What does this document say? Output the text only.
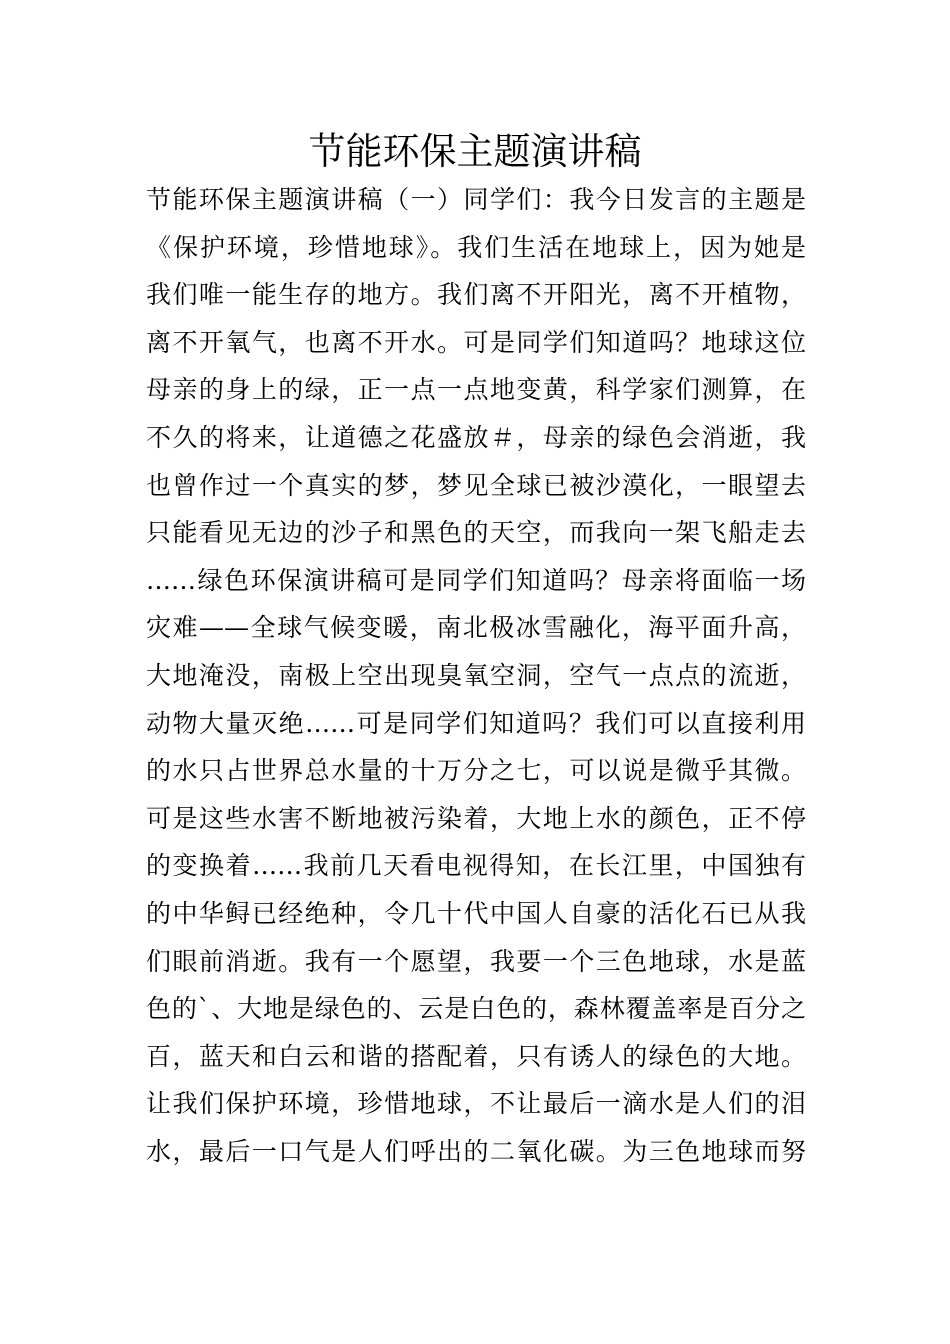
节能环保主题演讲稿
节能环保主题演讲稿（一）同学们：我今日发言的主题是
《保护环境，珍惜地球》。我们生活在地球上，因为她是
我们唯一能生存的地方。我们离不开阳光，离不开植物，
离不开氧气，也离不开水。可是同学们知道吗？地球这位
母亲的身上的绿，正一点一点地变黄，科学家们测算，在
不久的将来，让道德之花盛放＃，母亲的绿色会消逝，我
也曾作过一个真实的梦，梦见全球已被沙漠化，一眼望去
只能看见无边的沙子和黑色的天空，而我向一架飞船走去
……绿色环保演讲稿可是同学们知道吗？母亲将面临一场
灾难——全球气候变暖，南北极冰雪融化，海平面升高，
大地淹没，南极上空出现臭氧空洞，空气一点点的流逝，
动物大量灭绝……可是同学们知道吗？我们可以直接利用
的水只占世界总水量的十万分之七，可以说是微乎其微。
可是这些水害不断地被污染着，大地上水的颜色，正不停
的变换着……我前几天看电视得知，在长江里，中国独有
的中华鲟已经绝种，令几十代中国人自豪的活化石已从我
们眼前消逝。我有一个愿望，我要一个三色地球，水是蓝
色的`、大地是绿色的、云是白色的，森林覆盖率是百分之
百，蓝天和白云和谐的搭配着，只有诱人的绿色的大地。
让我们保护环境，珍惜地球，不让最后一滴水是人们的泪
水，最后一口气是人们呼出的二氧化碳。为三色地球而努
